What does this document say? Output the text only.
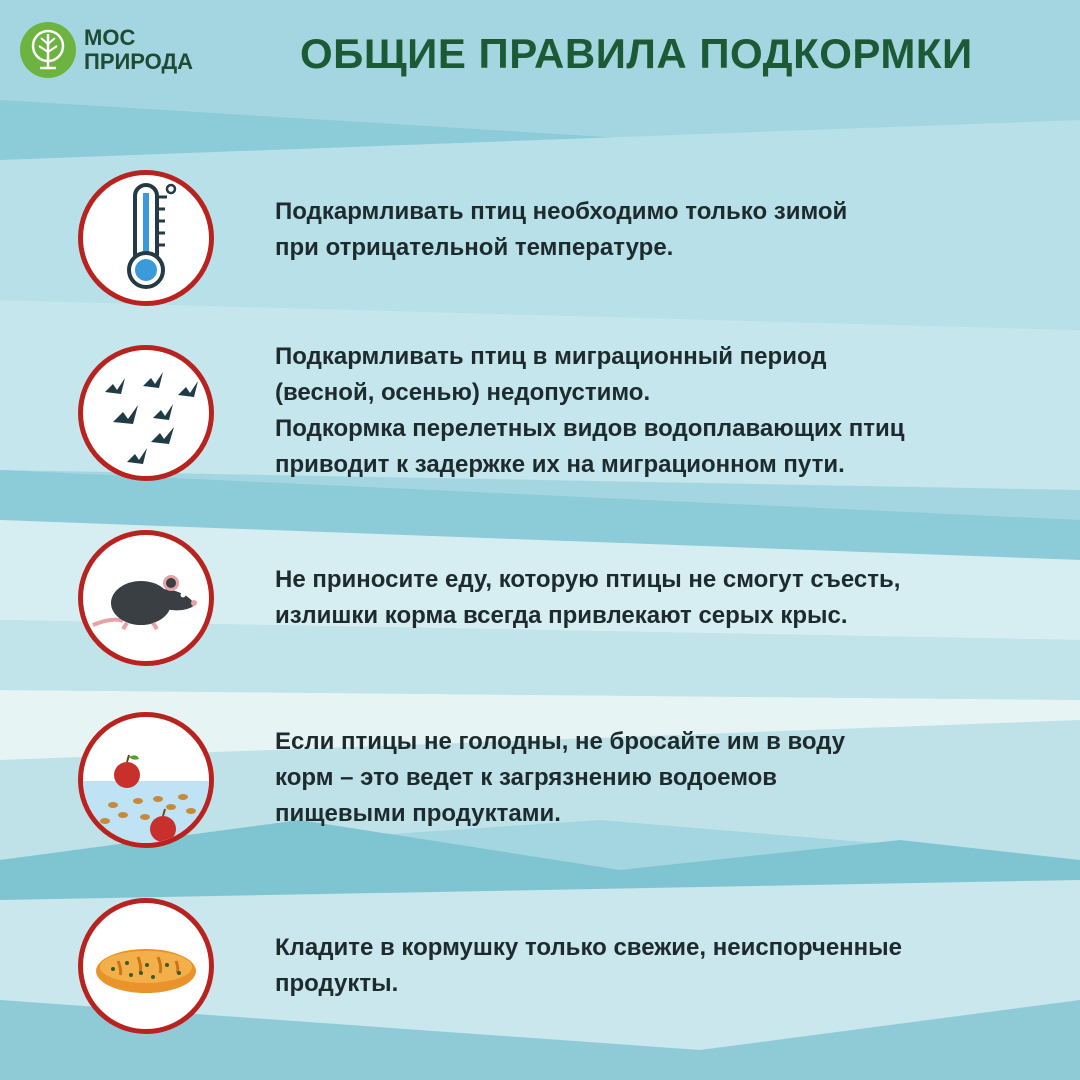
МОС
ПРИРОДА	ОБЩИЕ ПРАВИЛА ПОДКОРМКИ

Подкармливать птиц необходимо только зимой
при отрицательной температуре.

Подкармливать птиц в миграционный период
(весной, осенью) недопустимо.
Подкормка перелетных видов водоплавающих птиц
приводит к задержке их на миграционном пути.

Не приносите еду, которую птицы не смогут съесть,
излишки корма всегда привлекают серых крыс.

Если птицы не голодны, не бросайте им в воду
корм – это ведет к загрязнению водоемов
пищевыми продуктами.

Кладите в кормушку только свежие, неиспорченные
продукты.
